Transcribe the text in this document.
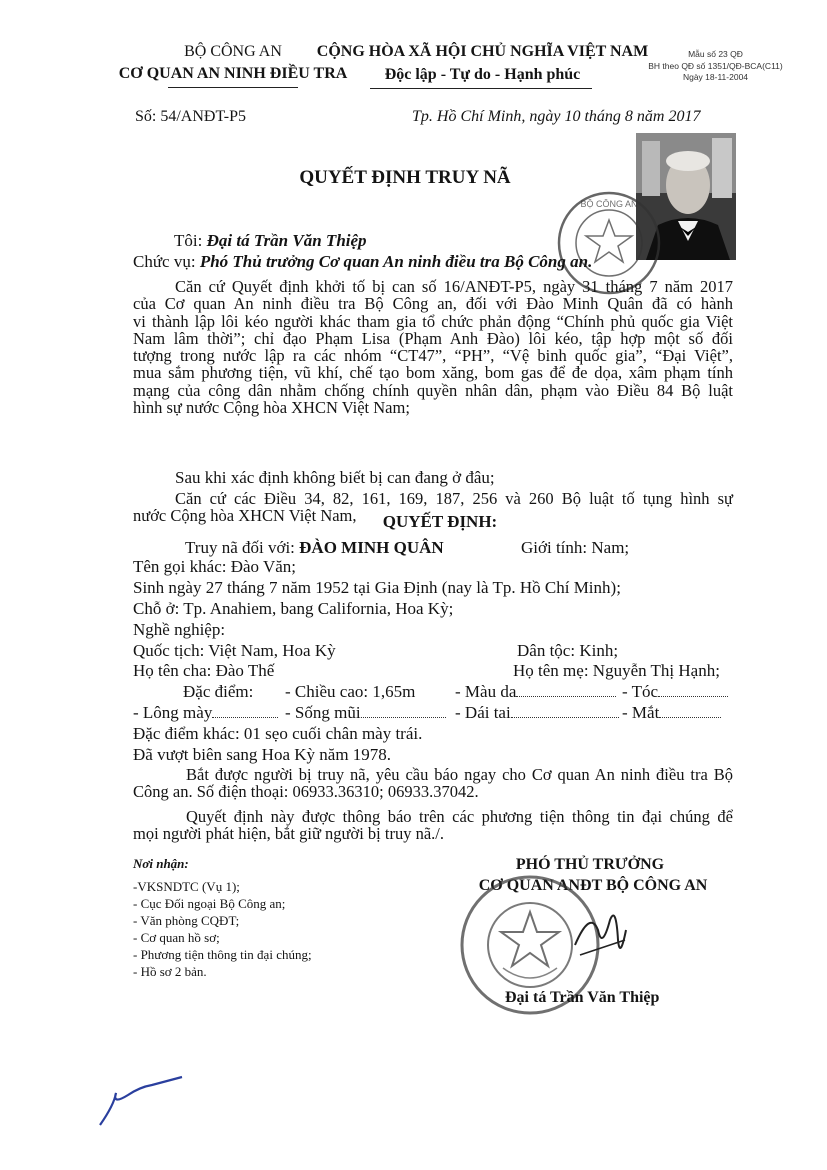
BỘ CÔNG AN
CƠ QUAN AN NINH ĐIỀU TRA
CỘNG HÒA XÃ HỘI CHỦ NGHĨA VIỆT NAM
Độc lập - Tự do - Hạnh phúc
Mẫu số 23 QĐ
BH theo QĐ số 1351/QĐ-BCA(C11)
Ngày 18-11-2004
Số: 54/ANĐT-P5	Tp. Hồ Chí Minh, ngày 10 tháng 8 năm 2017
QUYẾT ĐỊNH TRUY NÃ
BỘ CÔNG AN
Tôi: Đại tá Trần Văn Thiệp
Chức vụ: Phó Thủ trưởng Cơ quan An ninh điều tra Bộ Công an.
Căn cứ Quyết định khởi tố bị can số 16/ANĐT-P5, ngày 31 tháng 7 năm 2017
của Cơ quan An ninh điều tra Bộ Công an, đối với Đào Minh Quân đã có hành
vi thành lập lôi kéo người khác tham gia tổ chức phản động “Chính phủ quốc gia Việt
Nam lâm thời”; chỉ đạo Phạm Lisa (Phạm Anh Đào) lôi kéo, tập hợp một số đối
tượng trong nước lập ra các nhóm “CT47”, “PH”, “Vệ binh quốc gia”, “Đại Việt”,
mua sắm phương tiện, vũ khí, chế tạo bom xăng, bom gas để đe dọa, xâm phạm tính
mạng của công dân nhằm chống chính quyền nhân dân, phạm vào Điều 84 Bộ luật
hình sự nước Cộng hòa XHCN Việt Nam;
Sau khi xác định không biết bị can đang ở đâu;
Căn cứ các Điều 34, 82, 161, 169, 187, 256 và 260 Bộ luật tố tụng hình sự
nước Cộng hòa XHCN Việt Nam,	QUYẾT ĐỊNH:
Truy nã đối với: ĐÀO MINH QUÂN	Giới tính: Nam;
Tên gọi khác: Đào Văn;
Sinh ngày 27 tháng 7 năm 1952 tại Gia Định (nay là Tp. Hồ Chí Minh);
Chỗ ở: Tp. Anahiem, bang California, Hoa Kỳ;
Nghề nghiệp:
Quốc tịch: Việt Nam, Hoa Kỳ	Dân tộc: Kinh;
Họ tên cha: Đào Thế	Họ tên mẹ: Nguyễn Thị Hạnh;
Đặc điểm: - Chiều cao: 1,65m - Màu da	- Tóc
- Lông mày	- Sống mũi	- Dái tai	- Mắt
Đặc điểm khác: 01 sẹo cuối chân mày trái.
Đã vượt biên sang Hoa Kỳ năm 1978.
Bắt được người bị truy nã, yêu cầu báo ngay cho Cơ quan An ninh điều tra Bộ
Công an. Số điện thoại: 06933.36310; 06933.37042.
Quyết định này được thông báo trên các phương tiện thông tin đại chúng để
mọi người phát hiện, bắt giữ người bị truy nã./.
Nơi nhận:
-VKSNDTC (Vụ 1);
- Cục Đối ngoại Bộ Công an;
- Văn phòng CQĐT;
- Cơ quan hồ sơ;
- Phương tiện thông tin đại chúng;
- Hồ sơ 2 bản.
PHÓ THỦ TRƯỞNG
CƠ QUAN ANĐT BỘ CÔNG AN
Đại tá Trần Văn Thiệp
